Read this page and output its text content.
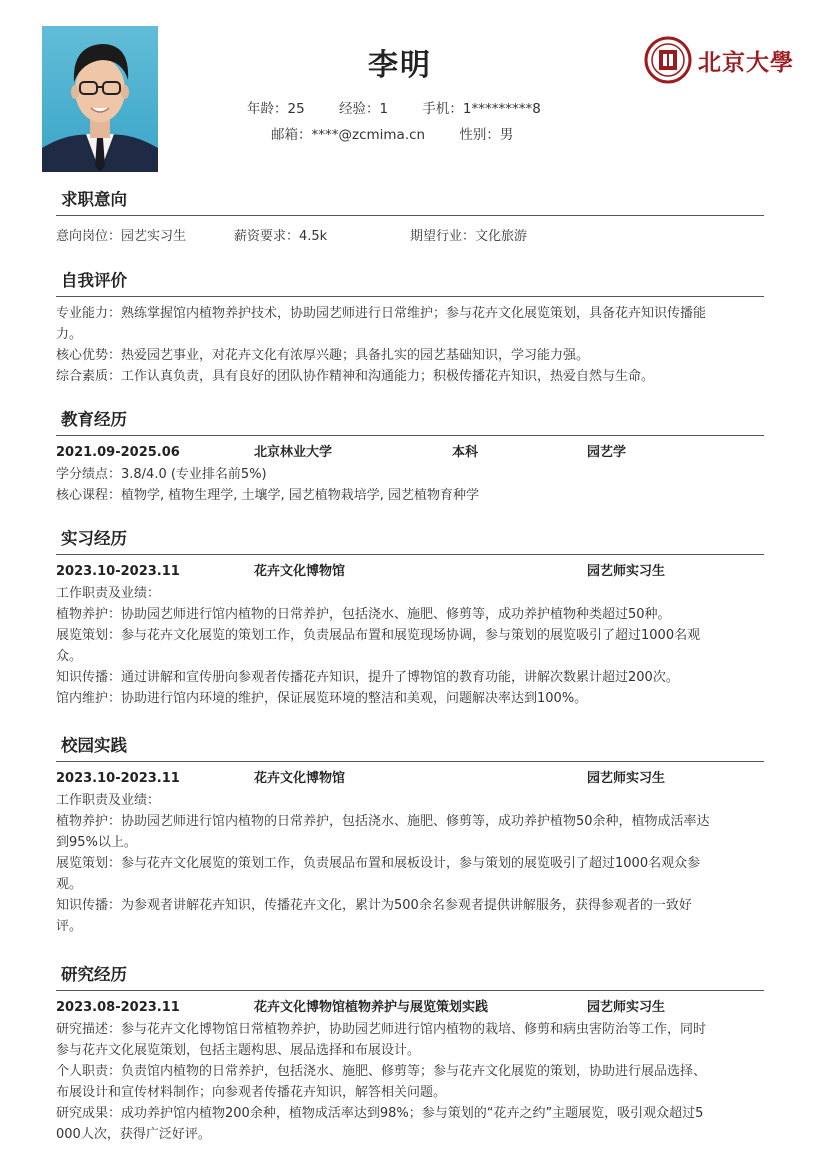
李明
年龄：25	经验：1	手机：1*********8
邮箱：****@zcmima.cn	性别：男
北京大學
求职意向
意向岗位：园艺实习生	薪资要求：4.5k	期望行业：文化旅游
自我评价
专业能力：熟练掌握馆内植物养护技术，协助园艺师进行日常维护；参与花卉文化展览策划，具备花卉知识传播能
力。
核心优势：热爱园艺事业，对花卉文化有浓厚兴趣；具备扎实的园艺基础知识，学习能力强。
综合素质：工作认真负责，具有良好的团队协作精神和沟通能力；积极传播花卉知识，热爱自然与生命。
教育经历
2021.09-2025.06	北京林业大学	本科	园艺学
学分绩点：3.8/4.0 (专业排名前5%)
核心课程：植物学, 植物生理学, 土壤学, 园艺植物栽培学, 园艺植物育种学
实习经历
2023.10-2023.11	花卉文化博物馆	园艺师实习生
工作职责及业绩：
植物养护：协助园艺师进行馆内植物的日常养护，包括浇水、施肥、修剪等，成功养护植物种类超过50种。
展览策划：参与花卉文化展览的策划工作，负责展品布置和展览现场协调，参与策划的展览吸引了超过1000名观
众。
知识传播：通过讲解和宣传册向参观者传播花卉知识，提升了博物馆的教育功能，讲解次数累计超过200次。
馆内维护：协助进行馆内环境的维护，保证展览环境的整洁和美观，问题解决率达到100%。
校园实践
2023.10-2023.11	花卉文化博物馆	园艺师实习生
工作职责及业绩：
植物养护：协助园艺师进行馆内植物的日常养护，包括浇水、施肥、修剪等，成功养护植物50余种，植物成活率达
到95%以上。
展览策划：参与花卉文化展览的策划工作，负责展品布置和展板设计，参与策划的展览吸引了超过1000名观众参
观。
知识传播：为参观者讲解花卉知识，传播花卉文化，累计为500余名参观者提供讲解服务，获得参观者的一致好
评。
研究经历
2023.08-2023.11	花卉文化博物馆植物养护与展览策划实践	园艺师实习生
研究描述：参与花卉文化博物馆日常植物养护，协助园艺师进行馆内植物的栽培、修剪和病虫害防治等工作，同时
参与花卉文化展览策划，包括主题构思、展品选择和布展设计。
个人职责：负责馆内植物的日常养护，包括浇水、施肥、修剪等；参与花卉文化展览的策划，协助进行展品选择、
布展设计和宣传材料制作；向参观者传播花卉知识，解答相关问题。
研究成果：成功养护馆内植物200余种，植物成活率达到98%；参与策划的“花卉之约”主题展览，吸引观众超过5
000人次，获得广泛好评。
